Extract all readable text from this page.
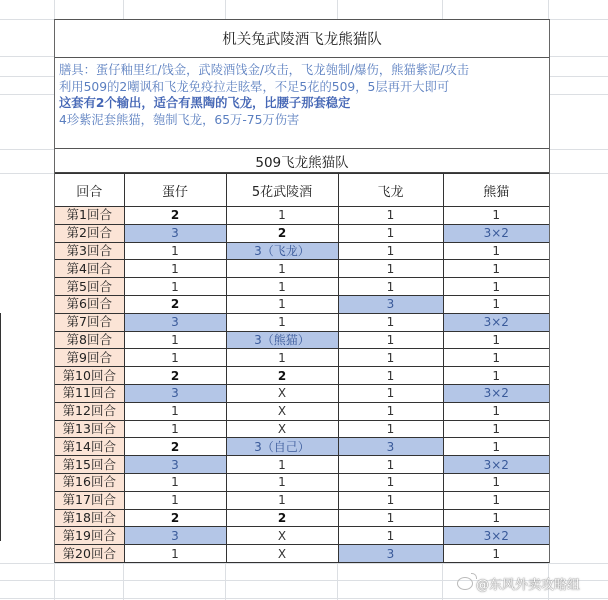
机关兔武陵酒飞龙熊猫队
膳具：蛋仔釉里红/饯金，武陵酒饯金/攻击，飞龙匏制/爆伤，熊猫紫泥/攻击
利用509的2嘲讽和飞龙免疫拉走眩晕，不足5花的509，5层再开大即可
这套有2个输出，适合有黑陶的飞龙，比腰子那套稳定
4珍紫泥套熊猫，匏制飞龙，65万-75万伤害
509飞龙熊猫队
回合	蛋仔	5花武陵酒	飞龙	熊猫
第1回合	2	1	1	1
第2回合	3	2	1	3×2
第3回合	1	3（飞龙）	1	1
第4回合	1	1	1	1
第5回合	1	1	1	1
第6回合	2	1	3	1
第7回合	3	1	1	3×2
第8回合	1	3（熊猫）	1	1
第9回合	1	1	1	1
第10回合	2	2	1	1
第11回合	3	X	1	3×2
第12回合	1	X	1	1
第13回合	1	X	1	1
第14回合	2	3（自己）	3	1
第15回合	3	1	1	3×2
第16回合	1	1	1	1
第17回合	1	1	1	1
第18回合	2	2	1	1
第19回合	3	X	1	3×2
第20回合	1	X	3	1
@东风外卖攻略组
